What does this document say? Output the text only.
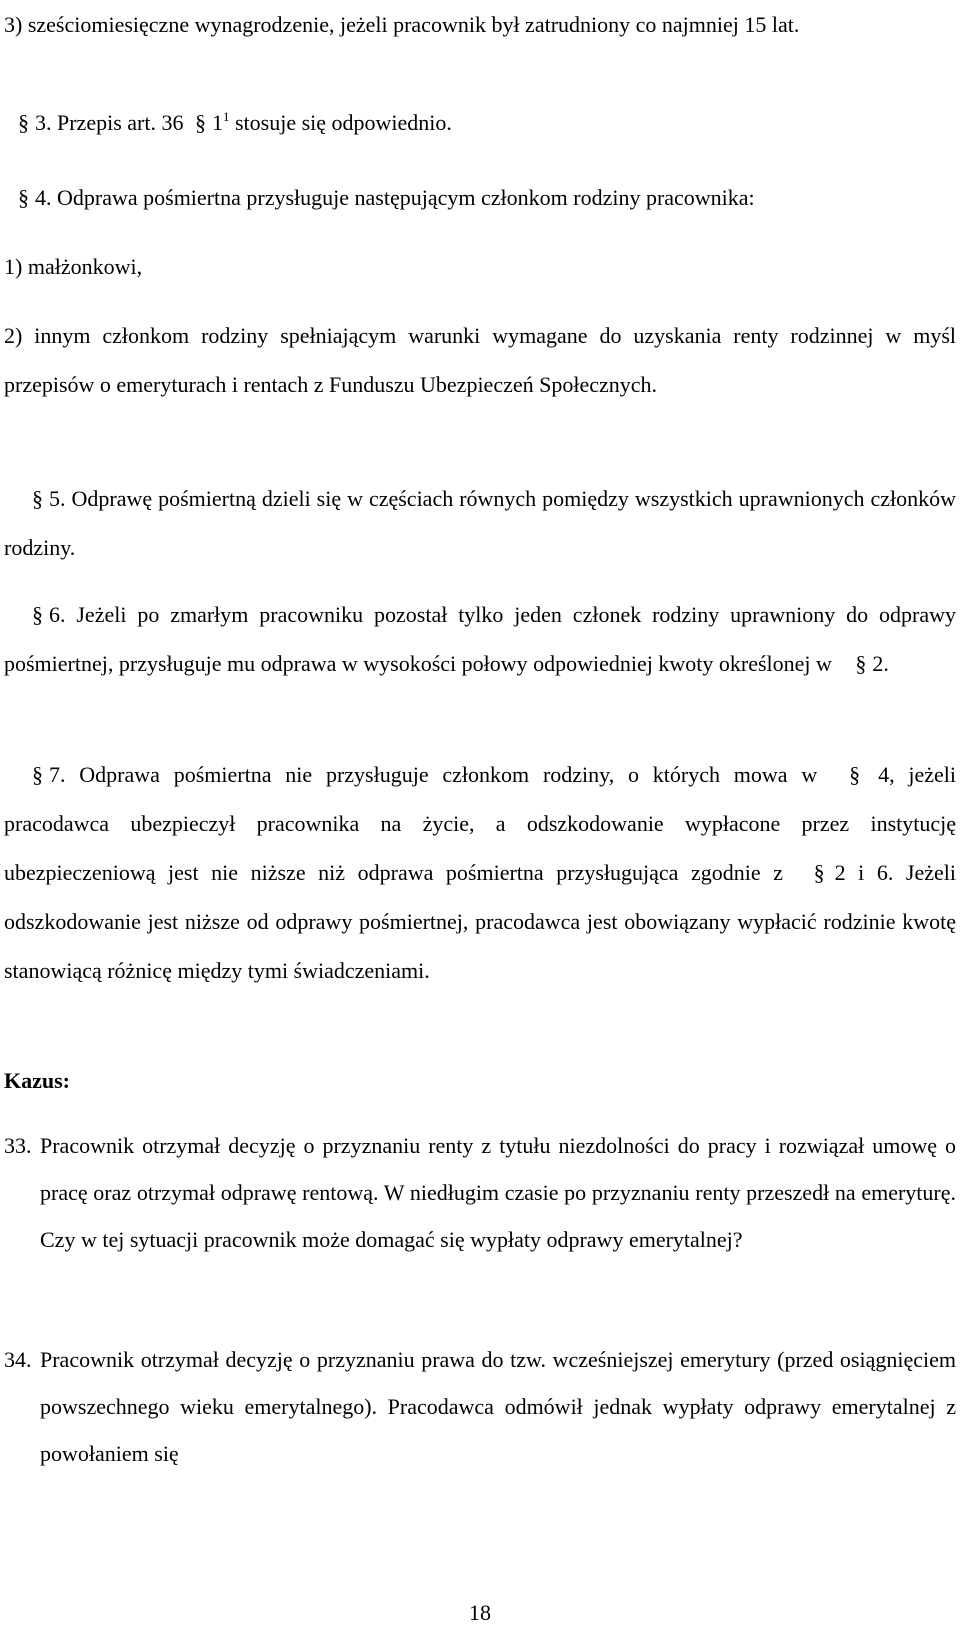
3) sześciomiesięczne wynagrodzenie, jeżeli pracownik był zatrudniony co najmniej 15 lat.

§ 3. Przepis art. 36 § $1^1$ stosuje się odpowiednio.

§ 4. Odprawa pośmiertna przysługuje następującym członkom rodziny pracownika:

1) małżonkowi,

2) innym członkom rodziny spełniającym warunki wymagane do uzyskania renty rodzinnej w myśl przepisów o emeryturach i rentach z Funduszu Ubezpieczeń Społecznych.

§ 5. Odprawę pośmiertną dzieli się w częściach równych pomiędzy wszystkich uprawnionych członków rodziny.

§ 6. Jeżeli po zmarłym pracowniku pozostał tylko jeden członek rodziny uprawniony do odprawy pośmiertnej, przysługuje mu odprawa w wysokości połowy odpowiedniej kwoty określonej w § 2.

§ 7. Odprawa pośmiertna nie przysługuje członkom rodziny, o których mowa w § 4, jeżeli pracodawca ubezpieczył pracownika na życie, a odszkodowanie wypłacone przez instytucję ubezpieczeniową jest nie niższe niż odprawa pośmiertna przysługująca zgodnie z § 2 i 6. Jeżeli odszkodowanie jest niższe od odprawy pośmiertnej, pracodawca jest obowiązany wypłacić rodzinie kwotę stanowiącą różnicę między tymi świadczeniami.

Kazus:

33. Pracownik otrzymał decyzję o przyznaniu renty z tytułu niezdolności do pracy i rozwiązał umowę o pracę oraz otrzymał odprawę rentową. W niedługim czasie po przyznaniu renty przeszedł na emeryturę. Czy w tej sytuacji pracownik może domagać się wypłaty odprawy emerytalnej?
34. Pracownik otrzymał decyzję o przyznaniu prawa do tzw. wcześniejszej emerytury (przed osiągnięciem powszechnego wieku emerytalnego). Pracodawca odmówił jednak wypłaty odprawy emerytalnej z powołaniem się
18
